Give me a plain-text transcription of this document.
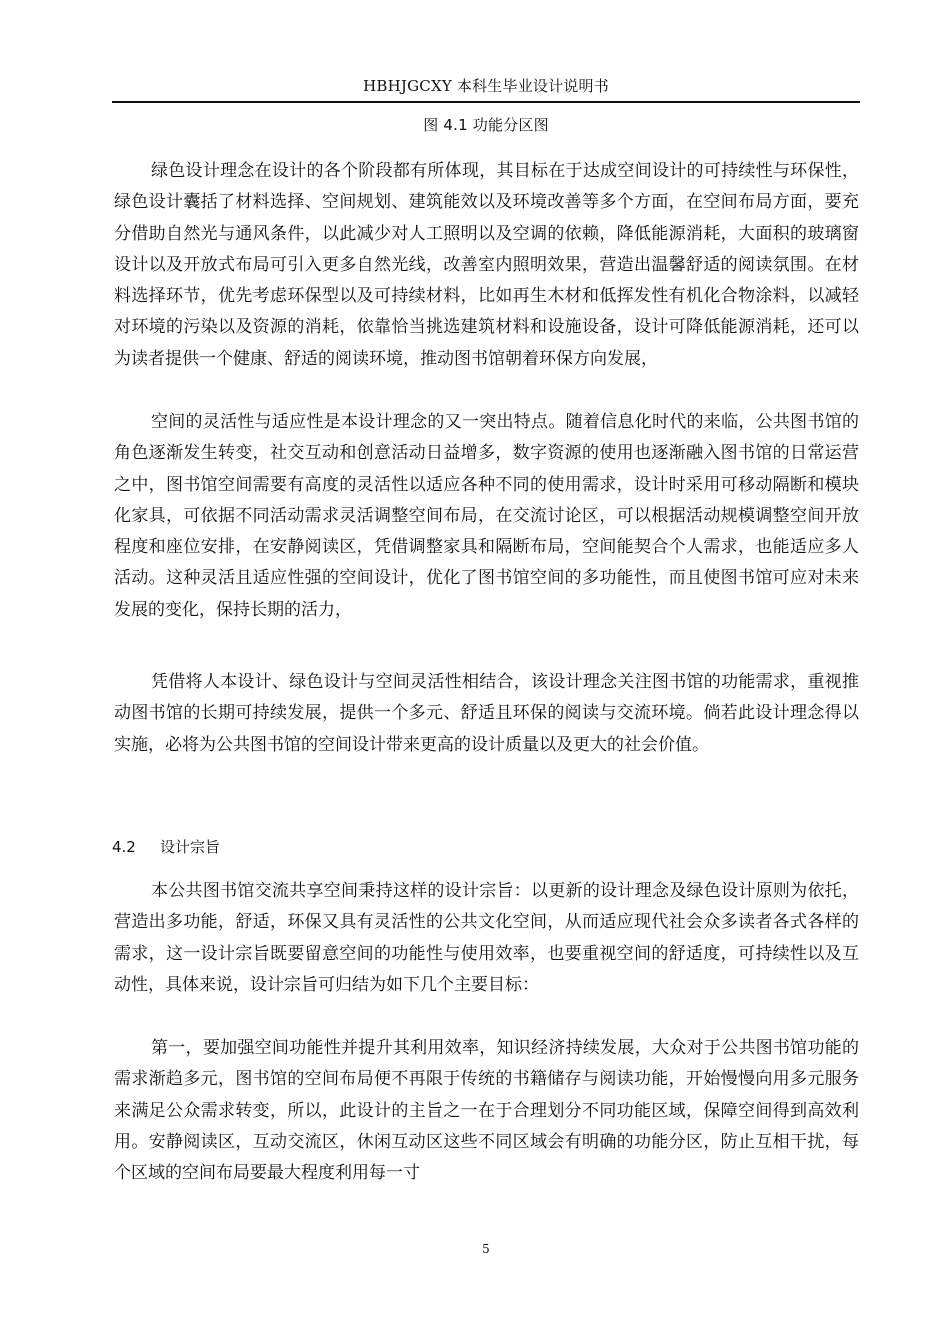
HBHJGCXY 本科生毕业设计说明书
图 4.1 功能分区图

绿色设计理念在设计的各个阶段都有所体现，其目标在于达成空间设计的可持续性与环保性，绿色设计囊括了材料选择、空间规划、建筑能效以及环境改善等多个方面，在空间布局方面，要充分借助自然光与通风条件，以此减少对人工照明以及空调的依赖，降低能源消耗，大面积的玻璃窗设计以及开放式布局可引入更多自然光线，改善室内照明效果，营造出温馨舒适的阅读氛围。在材料选择环节，优先考虑环保型以及可持续材料，比如再生木材和低挥发性有机化合物涂料，以减轻对环境的污染以及资源的消耗，依靠恰当挑选建筑材料和设施设备，设计可降低能源消耗，还可以为读者提供一个健康、舒适的阅读环境，推动图书馆朝着环保方向发展，

空间的灵活性与适应性是本设计理念的又一突出特点。随着信息化时代的来临，公共图书馆的角色逐渐发生转变，社交互动和创意活动日益增多，数字资源的使用也逐渐融入图书馆的日常运营之中，图书馆空间需要有高度的灵活性以适应各种不同的使用需求，设计时采用可移动隔断和模块化家具，可依据不同活动需求灵活调整空间布局，在交流讨论区，可以根据活动规模调整空间开放程度和座位安排，在安静阅读区，凭借调整家具和隔断布局，空间能契合个人需求，也能适应多人活动。这种灵活且适应性强的空间设计，优化了图书馆空间的多功能性，而且使图书馆可应对未来发展的变化，保持长期的活力，

凭借将人本设计、绿色设计与空间灵活性相结合，该设计理念关注图书馆的功能需求，重视推动图书馆的长期可持续发展，提供一个多元、舒适且环保的阅读与交流环境。倘若此设计理念得以实施，必将为公共图书馆的空间设计带来更高的设计质量以及更大的社会价值。

4.2 设计宗旨

本公共图书馆交流共享空间秉持这样的设计宗旨：以更新的设计理念及绿色设计原则为依托，营造出多功能，舒适，环保又具有灵活性的公共文化空间，从而适应现代社会众多读者各式各样的需求，这一设计宗旨既要留意空间的功能性与使用效率，也要重视空间的舒适度，可持续性以及互动性，具体来说，设计宗旨可归结为如下几个主要目标：

第一，要加强空间功能性并提升其利用效率，知识经济持续发展，大众对于公共图书馆功能的需求渐趋多元，图书馆的空间布局便不再限于传统的书籍储存与阅读功能，开始慢慢向用多元服务来满足公众需求转变，所以，此设计的主旨之一在于合理划分不同功能区域，保障空间得到高效利用。安静阅读区，互动交流区，休闲互动区这些不同区域会有明确的功能分区，防止互相干扰，每个区域的空间布局要最大程度利用每一寸

5
